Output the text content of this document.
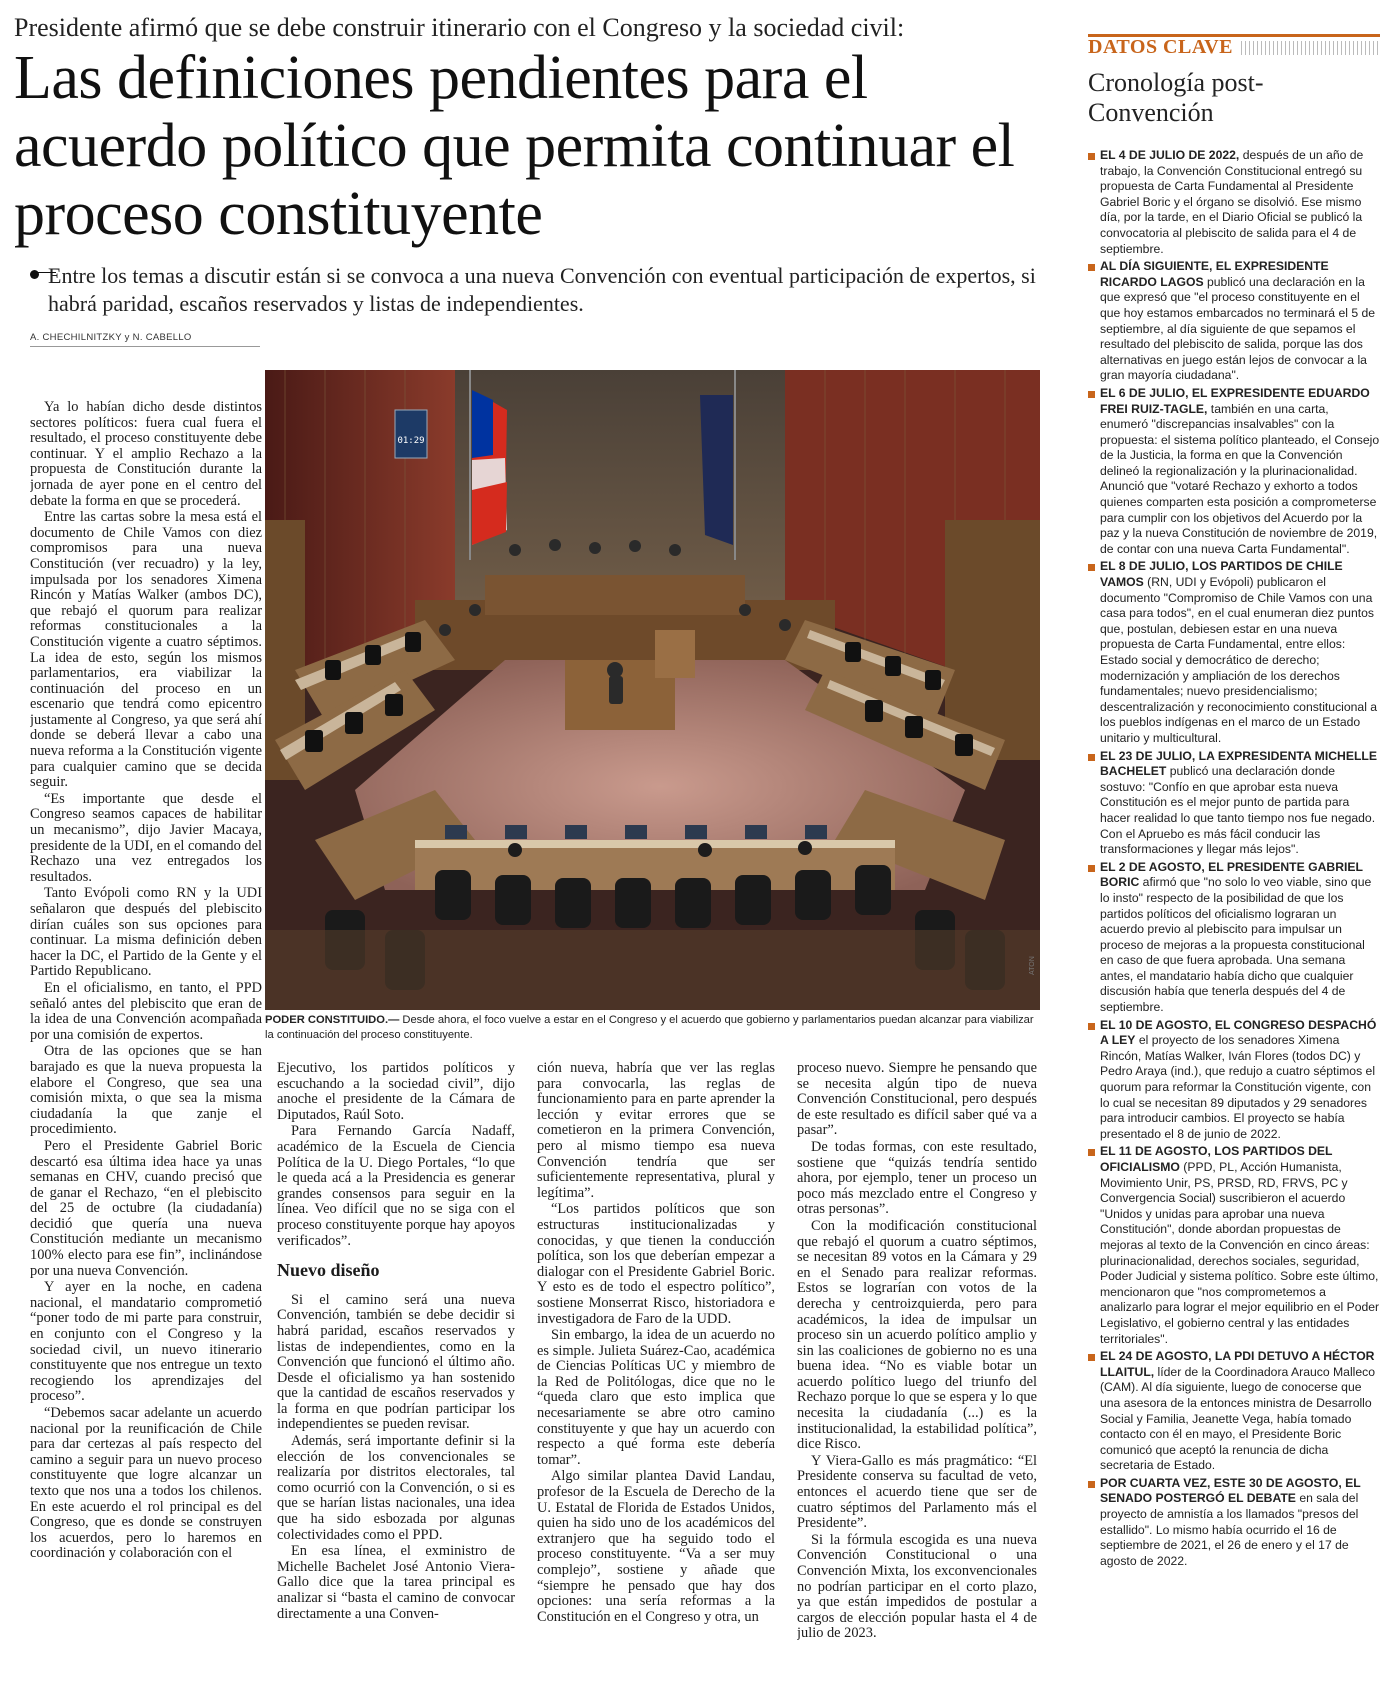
Presidente afirmó que se debe construir itinerario con el Congreso y la sociedad civil:
Las definiciones pendientes para el acuerdo político que permita continuar el proceso constituyente
Entre los temas a discutir están si se convoca a una nueva Convención con eventual participación de expertos, si habrá paridad, escaños reservados y listas de independientes.
A. CHECHILNITZKY y N. CABELLO

Ya lo habían dicho desde distintos sectores políticos: fuera cual fuera el resultado, el proceso constituyente debe continuar. Y el amplio Rechazo a la propuesta de Constitución durante la jornada de ayer pone en el centro del debate la forma en que se procederá.

Entre las cartas sobre la mesa está el documento de Chile Vamos con diez compromisos para una nueva Constitución (ver recuadro) y la ley, impulsada por los senadores Ximena Rincón y Matías Walker (ambos DC), que rebajó el quorum para realizar reformas constitucionales a la Constitución vigente a cuatro séptimos. La idea de esto, según los mismos parlamentarios, era viabilizar la continuación del proceso en un escenario que tendrá como epicentro justamente al Congreso, ya que será ahí donde se deberá llevar a cabo una nueva reforma a la Constitución vigente para cualquier camino que se decida seguir.

“Es importante que desde el Congreso seamos capaces de habilitar un mecanismo”, dijo Javier Macaya, presidente de la UDI, en el comando del Rechazo una vez entregados los resultados.

Tanto Evópoli como RN y la UDI señalaron que después del plebiscito dirían cuáles son sus opciones para continuar. La misma definición deben hacer la DC, el Partido de la Gente y el Partido Republicano.

En el oficialismo, en tanto, el PPD señaló antes del plebiscito que eran de la idea de una Convención acompañada por una comisión de expertos.

Otra de las opciones que se han barajado es que la nueva propuesta la elabore el Congreso, que sea una comisión mixta, o que sea la misma ciudadanía la que zanje el procedimiento.

Pero el Presidente Gabriel Boric descartó esa última idea hace ya unas semanas en CHV, cuando precisó que de ganar el Rechazo, “en el plebiscito del 25 de octubre (la ciudadanía) decidió que quería una nueva Constitución mediante un mecanismo 100% electo para ese fin”, inclinándose por una nueva Convención.

Y ayer en la noche, en cadena nacional, el mandatario comprometió “poner todo de mi parte para construir, en conjunto con el Congreso y la sociedad civil, un nuevo itinerario constituyente que nos entregue un texto recogiendo los aprendizajes del proceso”.

“Debemos sacar adelante un acuerdo nacional por la reunificación de Chile para dar certezas al país respecto del camino a seguir para un nuevo proceso constituyente que logre alcanzar un texto que nos una a todos los chilenos. En este acuerdo el rol principal es del Congreso, que es donde se construyen los acuerdos, pero lo haremos en coordinación y colaboración con el

01:29
ATON
PODER CONSTITUIDO.— Desde ahora, el foco vuelve a estar en el Congreso y el acuerdo que gobierno y parlamentarios puedan alcanzar para viabilizar la continuación del proceso constituyente.

Ejecutivo, los partidos políticos y escuchando a la sociedad civil”, dijo anoche el presidente de la Cámara de Diputados, Raúl Soto.

Para Fernando García Nadaff, académico de la Escuela de Ciencia Política de la U. Diego Portales, “lo que le queda acá a la Presidencia es generar grandes consensos para seguir en la línea. Veo difícil que no se siga con el proceso constituyente porque hay apoyos verificados”.

Nuevo diseño

Si el camino será una nueva Convención, también se debe decidir si habrá paridad, escaños reservados y listas de independientes, como en la Convención que funcionó el último año. Desde el oficialismo ya han sostenido que la cantidad de escaños reservados y la forma en que podrían participar los independientes se pueden revisar.

Además, será importante definir si la elección de los convencionales se realizaría por distritos electorales, tal como ocurrió con la Convención, o si es que se harían listas nacionales, una idea que ha sido esbozada por algunas colectividades como el PPD.

En esa línea, el exministro de Michelle Bachelet José Antonio Viera-Gallo dice que la tarea principal es analizar si “basta el camino de convocar directamente a una Conven-

ción nueva, habría que ver las reglas para convocarla, las reglas de funcionamiento para en parte aprender la lección y evitar errores que se cometieron en la primera Convención, pero al mismo tiempo esa nueva Convención tendría que ser suficientemente representativa, plural y legítima”.

“Los partidos políticos que son estructuras institucionalizadas y conocidas, y que tienen la conducción política, son los que deberían empezar a dialogar con el Presidente Gabriel Boric. Y esto es de todo el espectro político”, sostiene Monserrat Risco, historiadora e investigadora de Faro de la UDD.

Sin embargo, la idea de un acuerdo no es simple. Julieta Suárez-Cao, académica de Ciencias Políticas UC y miembro de la Red de Politólogas, dice que no le “queda claro que esto implica que necesariamente se abre otro camino constituyente y que hay un acuerdo con respecto a qué forma este debería tomar”.

Algo similar plantea David Landau, profesor de la Escuela de Derecho de la U. Estatal de Florida de Estados Unidos, quien ha sido uno de los académicos del extranjero que ha seguido todo el proceso constituyente. “Va a ser muy complejo”, sostiene y añade que “siempre he pensado que hay dos opciones: una sería reformas a la Constitución en el Congreso y otra, un

proceso nuevo. Siempre he pensando que se necesita algún tipo de nueva Convención Constitucional, pero después de este resultado es difícil saber qué va a pasar”.

De todas formas, con este resultado, sostiene que “quizás tendría sentido ahora, por ejemplo, tener un proceso un poco más mezclado entre el Congreso y otras personas”.

Con la modificación constitucional que rebajó el quorum a cuatro séptimos, se necesitan 89 votos en la Cámara y 29 en el Senado para realizar reformas. Estos se lograrían con votos de la derecha y centroizquierda, pero para académicos, la idea de impulsar un proceso sin un acuerdo político amplio y sin las coaliciones de gobierno no es una buena idea. “No es viable botar un acuerdo político luego del triunfo del Rechazo porque lo que se espera y lo que necesita la ciudadanía (...) es la institucionalidad, la estabilidad política”, dice Risco.

Y Viera-Gallo es más pragmático: “El Presidente conserva su facultad de veto, entonces el acuerdo tiene que ser de cuatro séptimos del Parlamento más el Presidente”.

Si la fórmula escogida es una nueva Convención Constitucional o una Convención Mixta, los exconvencionales no podrían participar en el corto plazo, ya que están impedidos de postular a cargos de elección popular hasta el 4 de julio de 2023.

DATOS CLAVE
Cronología post-Convención
EL 4 DE JULIO DE 2022, después de un año de trabajo, la Convención Constitucional entregó su propuesta de Carta Fundamental al Presidente Gabriel Boric y el órgano se disolvió. Ese mismo día, por la tarde, en el Diario Oficial se publicó la convocatoria al plebiscito de salida para el 4 de septiembre.
AL DÍA SIGUIENTE, EL EXPRESIDENTE RICARDO LAGOS publicó una declaración en la que expresó que "el proceso constituyente en el que hoy estamos embarcados no terminará el 5 de septiembre, al día siguiente de que sepamos el resultado del plebiscito de salida, porque las dos alternativas en juego están lejos de convocar a la gran mayoría ciudadana".
EL 6 DE JULIO, EL EXPRESIDENTE EDUARDO FREI RUIZ-TAGLE, también en una carta, enumeró "discrepancias insalvables" con la propuesta: el sistema político planteado, el Consejo de la Justicia, la forma en que la Convención delineó la regionalización y la plurinacionalidad. Anunció que "votaré Rechazo y exhorto a todos quienes comparten esta posición a comprometerse para cumplir con los objetivos del Acuerdo por la paz y la nueva Constitución de noviembre de 2019, de contar con una nueva Carta Fundamental".
EL 8 DE JULIO, LOS PARTIDOS DE CHILE VAMOS (RN, UDI y Evópoli) publicaron el documento "Compromiso de Chile Vamos con una casa para todos", en el cual enumeran diez puntos que, postulan, debiesen estar en una nueva propuesta de Carta Fundamental, entre ellos: Estado social y democrático de derecho; modernización y ampliación de los derechos fundamentales; nuevo presidencialismo; descentralización y reconocimiento constitucional a los pueblos indígenas en el marco de un Estado unitario y multicultural.
EL 23 DE JULIO, LA EXPRESIDENTA MICHELLE BACHELET publicó una declaración donde sostuvo: "Confío en que aprobar esta nueva Constitución es el mejor punto de partida para hacer realidad lo que tanto tiempo nos fue negado. Con el Apruebo es más fácil conducir las transformaciones y llegar más lejos".
EL 2 DE AGOSTO, EL PRESIDENTE GABRIEL BORIC afirmó que "no solo lo veo viable, sino que lo insto" respecto de la posibilidad de que los partidos políticos del oficialismo lograran un acuerdo previo al plebiscito para impulsar un proceso de mejoras a la propuesta constitucional en caso de que fuera aprobada. Una semana antes, el mandatario había dicho que cualquier discusión había que tenerla después del 4 de septiembre.
EL 10 DE AGOSTO, EL CONGRESO DESPACHÓ A LEY el proyecto de los senadores Ximena Rincón, Matías Walker, Iván Flores (todos DC) y Pedro Araya (ind.), que redujo a cuatro séptimos el quorum para reformar la Constitución vigente, con lo cual se necesitan 89 diputados y 29 senadores para introducir cambios. El proyecto se había presentado el 8 de junio de 2022.
EL 11 DE AGOSTO, LOS PARTIDOS DEL OFICIALISMO (PPD, PL, Acción Humanista, Movimiento Unir, PS, PRSD, RD, FRVS, PC y Convergencia Social) suscribieron el acuerdo "Unidos y unidas para aprobar una nueva Constitución", donde abordan propuestas de mejoras al texto de la Convención en cinco áreas: plurinacionalidad, derechos sociales, seguridad, Poder Judicial y sistema político. Sobre este último, mencionaron que "nos comprometemos a analizarlo para lograr el mejor equilibrio en el Poder Legislativo, el gobierno central y las entidades territoriales".
EL 24 DE AGOSTO, LA PDI DETUVO A HÉCTOR LLAITUL, líder de la Coordinadora Arauco Malleco (CAM). Al día siguiente, luego de conocerse que una asesora de la entonces ministra de Desarrollo Social y Familia, Jeanette Vega, había tomado contacto con él en mayo, el Presidente Boric comunicó que aceptó la renuncia de dicha secretaria de Estado.
POR CUARTA VEZ, ESTE 30 DE AGOSTO, EL SENADO POSTERGÓ EL DEBATE en sala del proyecto de amnistía a los llamados "presos del estallido". Lo mismo había ocurrido el 16 de septiembre de 2021, el 26 de enero y el 17 de agosto de 2022.
